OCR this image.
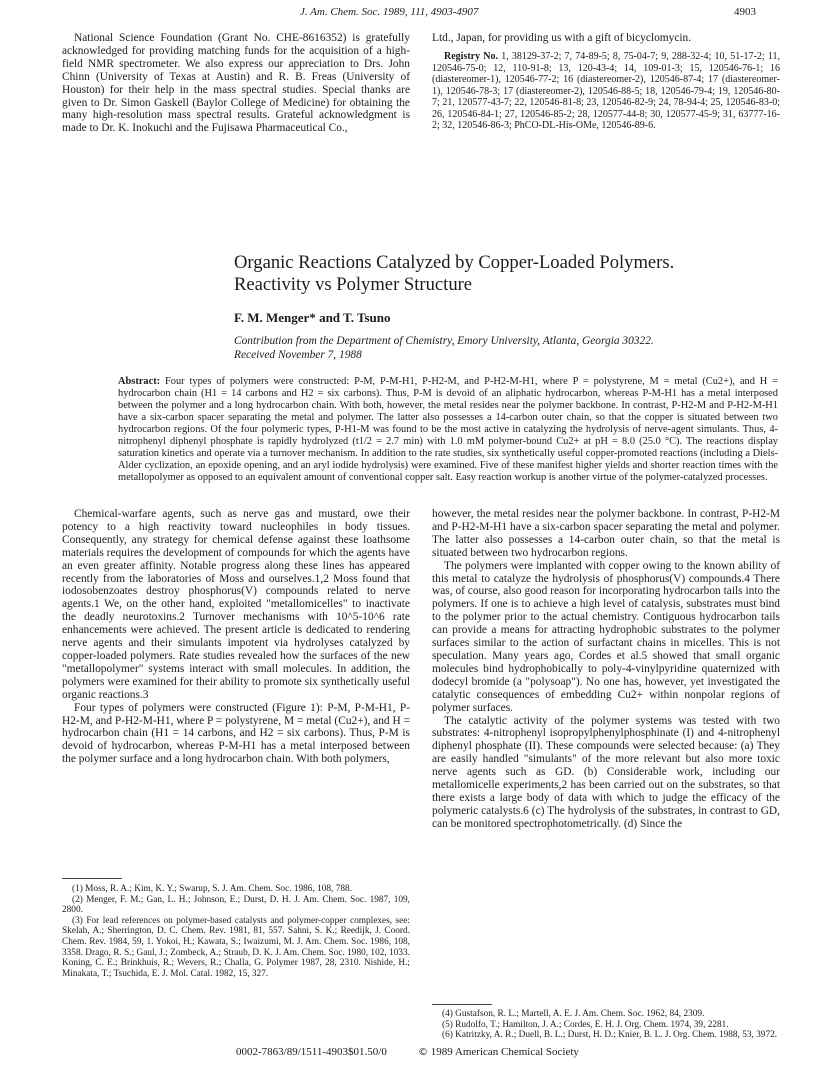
J. Am. Chem. Soc. 1989, 111, 4903-4907	4903

National Science Foundation (Grant No. CHE-8616352) is gratefully acknowledged for providing matching funds for the acquisition of a high-field NMR spectrometer. We also express our appreciation to Drs. John Chinn (University of Texas at Austin) and R. B. Freas (University of Houston) for their help in the mass spectral studies. Special thanks are given to Dr. Simon Gaskell (Baylor College of Medicine) for obtaining the many high-resolution mass spectral results. Grateful acknowledgment is made to Dr. K. Inokuchi and the Fujisawa Pharmaceutical Co.,

Ltd., Japan, for providing us with a gift of bicyclomycin.

Registry No. 1, 38129-37-2; 7, 74-89-5; 8, 75-04-7; 9, 288-32-4; 10, 51-17-2; 11, 120546-75-0; 12, 110-91-8; 13, 120-43-4; 14, 109-01-3; 15, 120546-76-1; 16 (diastereomer-1), 120546-77-2; 16 (diastereomer-2), 120546-87-4; 17 (diastereomer-1), 120546-78-3; 17 (diastereomer-2), 120546-88-5; 18, 120546-79-4; 19, 120546-80-7; 21, 120577-43-7; 22, 120546-81-8; 23, 120546-82-9; 24, 78-94-4; 25, 120546-83-0; 26, 120546-84-1; 27, 120546-85-2; 28, 120577-44-8; 30, 120577-45-9; 31, 63777-16-2; 32, 120546-86-3; PhCO-DL-His-OMe, 120546-89-6.
Organic Reactions Catalyzed by Copper-Loaded Polymers.
Reactivity vs Polymer Structure
F. M. Menger* and T. Tsuno
Contribution from the Department of Chemistry, Emory University, Atlanta, Georgia 30322.
Received November 7, 1988
Abstract: Four types of polymers were constructed: P-M, P-M-H1, P-H2-M, and P-H2-M-H1, where P = polystyrene, M = metal (Cu2+), and H = hydrocarbon chain (H1 = 14 carbons and H2 = six carbons). Thus, P-M is devoid of an aliphatic hydrocarbon, whereas P-M-H1 has a metal interposed between the polymer and a long hydrocarbon chain. With both, however, the metal resides near the polymer backbone. In contrast, P-H2-M and P-H2-M-H1 have a six-carbon spacer separating the metal and polymer. The latter also possesses a 14-carbon outer chain, so that the copper is situated between two hydrocarbon regions. Of the four polymeric types, P-H1-M was found to be the most active in catalyzing the hydrolysis of nerve-agent simulants. Thus, 4-nitrophenyl diphenyl phosphate is rapidly hydrolyzed (t1/2 = 2.7 min) with 1.0 mM polymer-bound Cu2+ at pH = 8.0 (25.0 °C). The reactions display saturation kinetics and operate via a turnover mechanism. In addition to the rate studies, six synthetically useful copper-promoted reactions (including a Diels-Alder cyclization, an epoxide opening, and an aryl iodide hydrolysis) were examined. Five of these manifest higher yields and shorter reaction times with the metallopolymer as opposed to an equivalent amount of conventional copper salt. Easy reaction workup is another virtue of the polymer-catalyzed processes.

Chemical-warfare agents, such as nerve gas and mustard, owe their potency to a high reactivity toward nucleophiles in body tissues. Consequently, any strategy for chemical defense against these loathsome materials requires the development of compounds for which the agents have an even greater affinity. Notable progress along these lines has appeared recently from the laboratories of Moss and ourselves.1,2 Moss found that iodosobenzoates destroy phosphorus(V) compounds related to nerve agents.1 We, on the other hand, exploited "metallomicelles" to inactivate the deadly neurotoxins.2 Turnover mechanisms with 10^5-10^6 rate enhancements were achieved. The present article is dedicated to rendering nerve agents and their simulants impotent via hydrolyses catalyzed by copper-loaded polymers. Rate studies revealed how the surfaces of the new "metallopolymer" systems interact with small molecules. In addition, the polymers were examined for their ability to promote six synthetically useful organic reactions.3

Four types of polymers were constructed (Figure 1): P-M, P-M-H1, P-H2-M, and P-H2-M-H1, where P = polystyrene, M = metal (Cu2+), and H = hydrocarbon chain (H1 = 14 carbons, and H2 = six carbons). Thus, P-M is devoid of hydrocarbon, whereas P-M-H1 has a metal interposed between the polymer surface and a long hydrocarbon chain. With both polymers,

however, the metal resides near the polymer backbone. In contrast, P-H2-M and P-H2-M-H1 have a six-carbon spacer separating the metal and polymer. The latter also possesses a 14-carbon outer chain, so that the metal is situated between two hydrocarbon regions.

The polymers were implanted with copper owing to the known ability of this metal to catalyze the hydrolysis of phosphorus(V) compounds.4 There was, of course, also good reason for incorporating hydrocarbon tails into the polymers. If one is to achieve a high level of catalysis, substrates must bind to the polymer prior to the actual chemistry. Contiguous hydrocarbon tails can provide a means for attracting hydrophobic substrates to the polymer surfaces similar to the action of surfactant chains in micelles. This is not speculation. Many years ago, Cordes et al.5 showed that small organic molecules bind hydrophobically to poly-4-vinylpyridine quaternized with dodecyl bromide (a "polysoap"). No one has, however, yet investigated the catalytic consequences of embedding Cu2+ within nonpolar regions of polymer surfaces.

The catalytic activity of the polymer systems was tested with two substrates: 4-nitrophenyl isopropylphenylphosphinate (I) and 4-nitrophenyl diphenyl phosphate (II). These compounds were selected because: (a) They are easily handled "simulants" of the more relevant but also more toxic nerve agents such as GD. (b) Considerable work, including our metallomicelle experiments,2 has been carried out on the substrates, so that there exists a large body of data with which to judge the efficacy of the polymeric catalysts.6 (c) The hydrolysis of the substrates, in contrast to GD, can be monitored spectrophotometrically. (d) Since the

(1) Moss, R. A.; Kim, K. Y.; Swarup, S. J. Am. Chem. Soc. 1986, 108, 788.

(2) Menger, F. M.; Gan, L. H.; Johnson, E.; Durst, D. H. J. Am. Chem. Soc. 1987, 109, 2800.

(3) For lead references on polymer-based catalysts and polymer-copper complexes, see: Skelah, A.; Sherrington, D. C. Chem. Rev. 1981, 81, 557. Sahni, S. K.; Reedijk, J. Coord. Chem. Rev. 1984, 59, 1. Yokoi, H.; Kawata, S.; Iwaizumi, M. J. Am. Chem. Soc. 1986, 108, 3358. Drago, R. S.; Gaul, J.; Zombeck, A.; Straub, D. K. J. Am. Chem. Soc. 1980, 102, 1033. Koning, C. E.; Brinkhuis, R.; Wevers, R.; Challa, G. Polymer 1987, 28, 2310. Nishide, H.; Minakata, T.; Tsuchida, E. J. Mol. Catal. 1982, 15, 327.

(4) Gustafson, R. L.; Martell, A. E. J. Am. Chem. Soc. 1962, 84, 2309.

(5) Rudolfo, T.; Hamilton, J. A.; Cordes, E. H. J. Org. Chem. 1974, 39, 2281.

(6) Katritzky, A. R.; Duell, B. L.; Durst, H. D.; Knier, B. L. J. Org. Chem. 1988, 53, 3972.

0002-7863/89/1511-4903$01.50/0	© 1989 American Chemical Society
